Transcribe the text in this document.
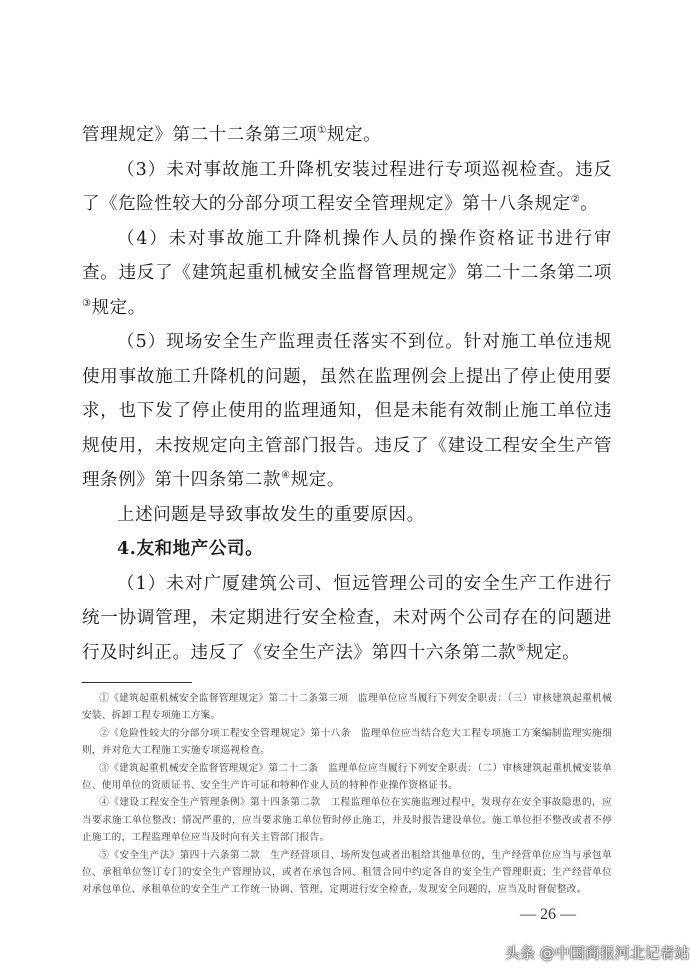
管理规定》第二十二条第三项①规定。

（3）未对事故施工升降机安装过程进行专项巡视检查。违反了《危险性较大的分部分项工程安全管理规定》第十八条规定②。

（4）未对事故施工升降机操作人员的操作资格证书进行审查。违反了《建筑起重机械安全监督管理规定》第二十二条第二项③规定。

（5）现场安全生产监理责任落实不到位。针对施工单位违规使用事故施工升降机的问题，虽然在监理例会上提出了停止使用要求，也下发了停止使用的监理通知，但是未能有效制止施工单位违规使用，未按规定向主管部门报告。违反了《建设工程安全生产管理条例》第十四条第二款④规定。

上述问题是导致事故发生的重要原因。

4.友和地产公司。

（1）未对广厦建筑公司、恒远管理公司的安全生产工作进行统一协调管理，未定期进行安全检查，未对两个公司存在的问题进行及时纠正。违反了《安全生产法》第四十六条第二款⑤规定。

①《建筑起重机械安全监督管理规定》第二十二条第三项　监理单位应当履行下列安全职责：（三）审核建筑起重机械安装、拆卸工程专项施工方案。

②《危险性较大的分部分项工程安全管理规定》第十八条　监理单位应当结合危大工程专项施工方案编制监理实施细则，并对危大工程施工实施专项巡视检查。

③《建筑起重机械安全监督管理规定》第二十二条　监理单位应当履行下列安全职责：（二）审核建筑起重机械安装单位、使用单位的资质证书、安全生产许可证和特种作业人员的特种作业操作资格证书。

④《建设工程安全生产管理条例》第十四条第二款　工程监理单位在实施监理过程中，发现存在安全事故隐患的，应当要求施工单位整改；情况严重的，应当要求施工单位暂时停止施工，并及时报告建设单位。施工单位拒不整改或者不停止施工的，工程监理单位应当及时向有关主管部门报告。

⑤《安全生产法》第四十六条第二款　生产经营项目、场所发包或者出租给其他单位的，生产经营单位应当与承包单位、承租单位签订专门的安全生产管理协议，或者在承包合同、租赁合同中约定各自的安全生产管理职责；生产经营单位对承包单位、承租单位的安全生产工作统一协调、管理，定期进行安全检查，发现安全问题的，应当及时督促整改。

— 26 —
头条 @中国商报河北记者站
